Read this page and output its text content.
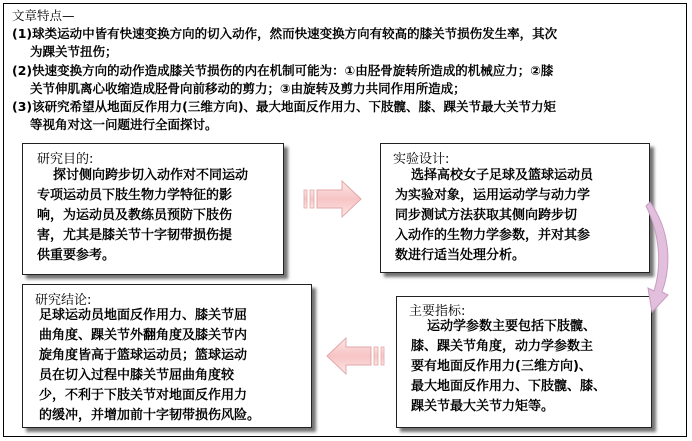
文章特点—
(1)球类运动中皆有快速变换方向的切入动作，然而快速变换方向有较高的膝关节损伤发生率，其次
为踝关节扭伤；
(2)快速变换方向的动作造成膝关节损伤的内在机制可能为：①由胫骨旋转所造成的机械应力；②膝
关节伸肌离心收缩造成胫骨向前移动的剪力；③由旋转及剪力共同作用所造成；
(3)该研究希望从地面反作用力(三维方向)、最大地面反作用力、下肢髋、膝、踝关节最大关节力矩
等视角对这一问题进行全面探讨。
研究目的:
探讨侧向跨步切入动作对不同运动
专项运动员下肢生物力学特征的影
响，为运动员及教练员预防下肢伤
害，尤其是膝关节十字韧带损伤提
供重要参考。
实验设计:
选择高校女子足球及篮球运动员
为实验对象，运用运动学与动力学
同步测试方法获取其侧向跨步切
入动作的生物力学参数，并对其参
数进行适当处理分析。
研究结论:
足球运动员地面反作用力、膝关节屈
曲角度、踝关节外翻角度及膝关节内
旋角度皆高于篮球运动员；篮球运动
员在切入过程中膝关节屈曲角度较
少，不利于下肢关节对地面反作用力
的缓冲，并增加前十字韧带损伤风险。
主要指标:
运动学参数主要包括下肢髋、
膝、踝关节角度，动力学参数主
要有地面反作用力(三维方向)、
最大地面反作用力、下肢髋、膝、
踝关节最大关节力矩等。
